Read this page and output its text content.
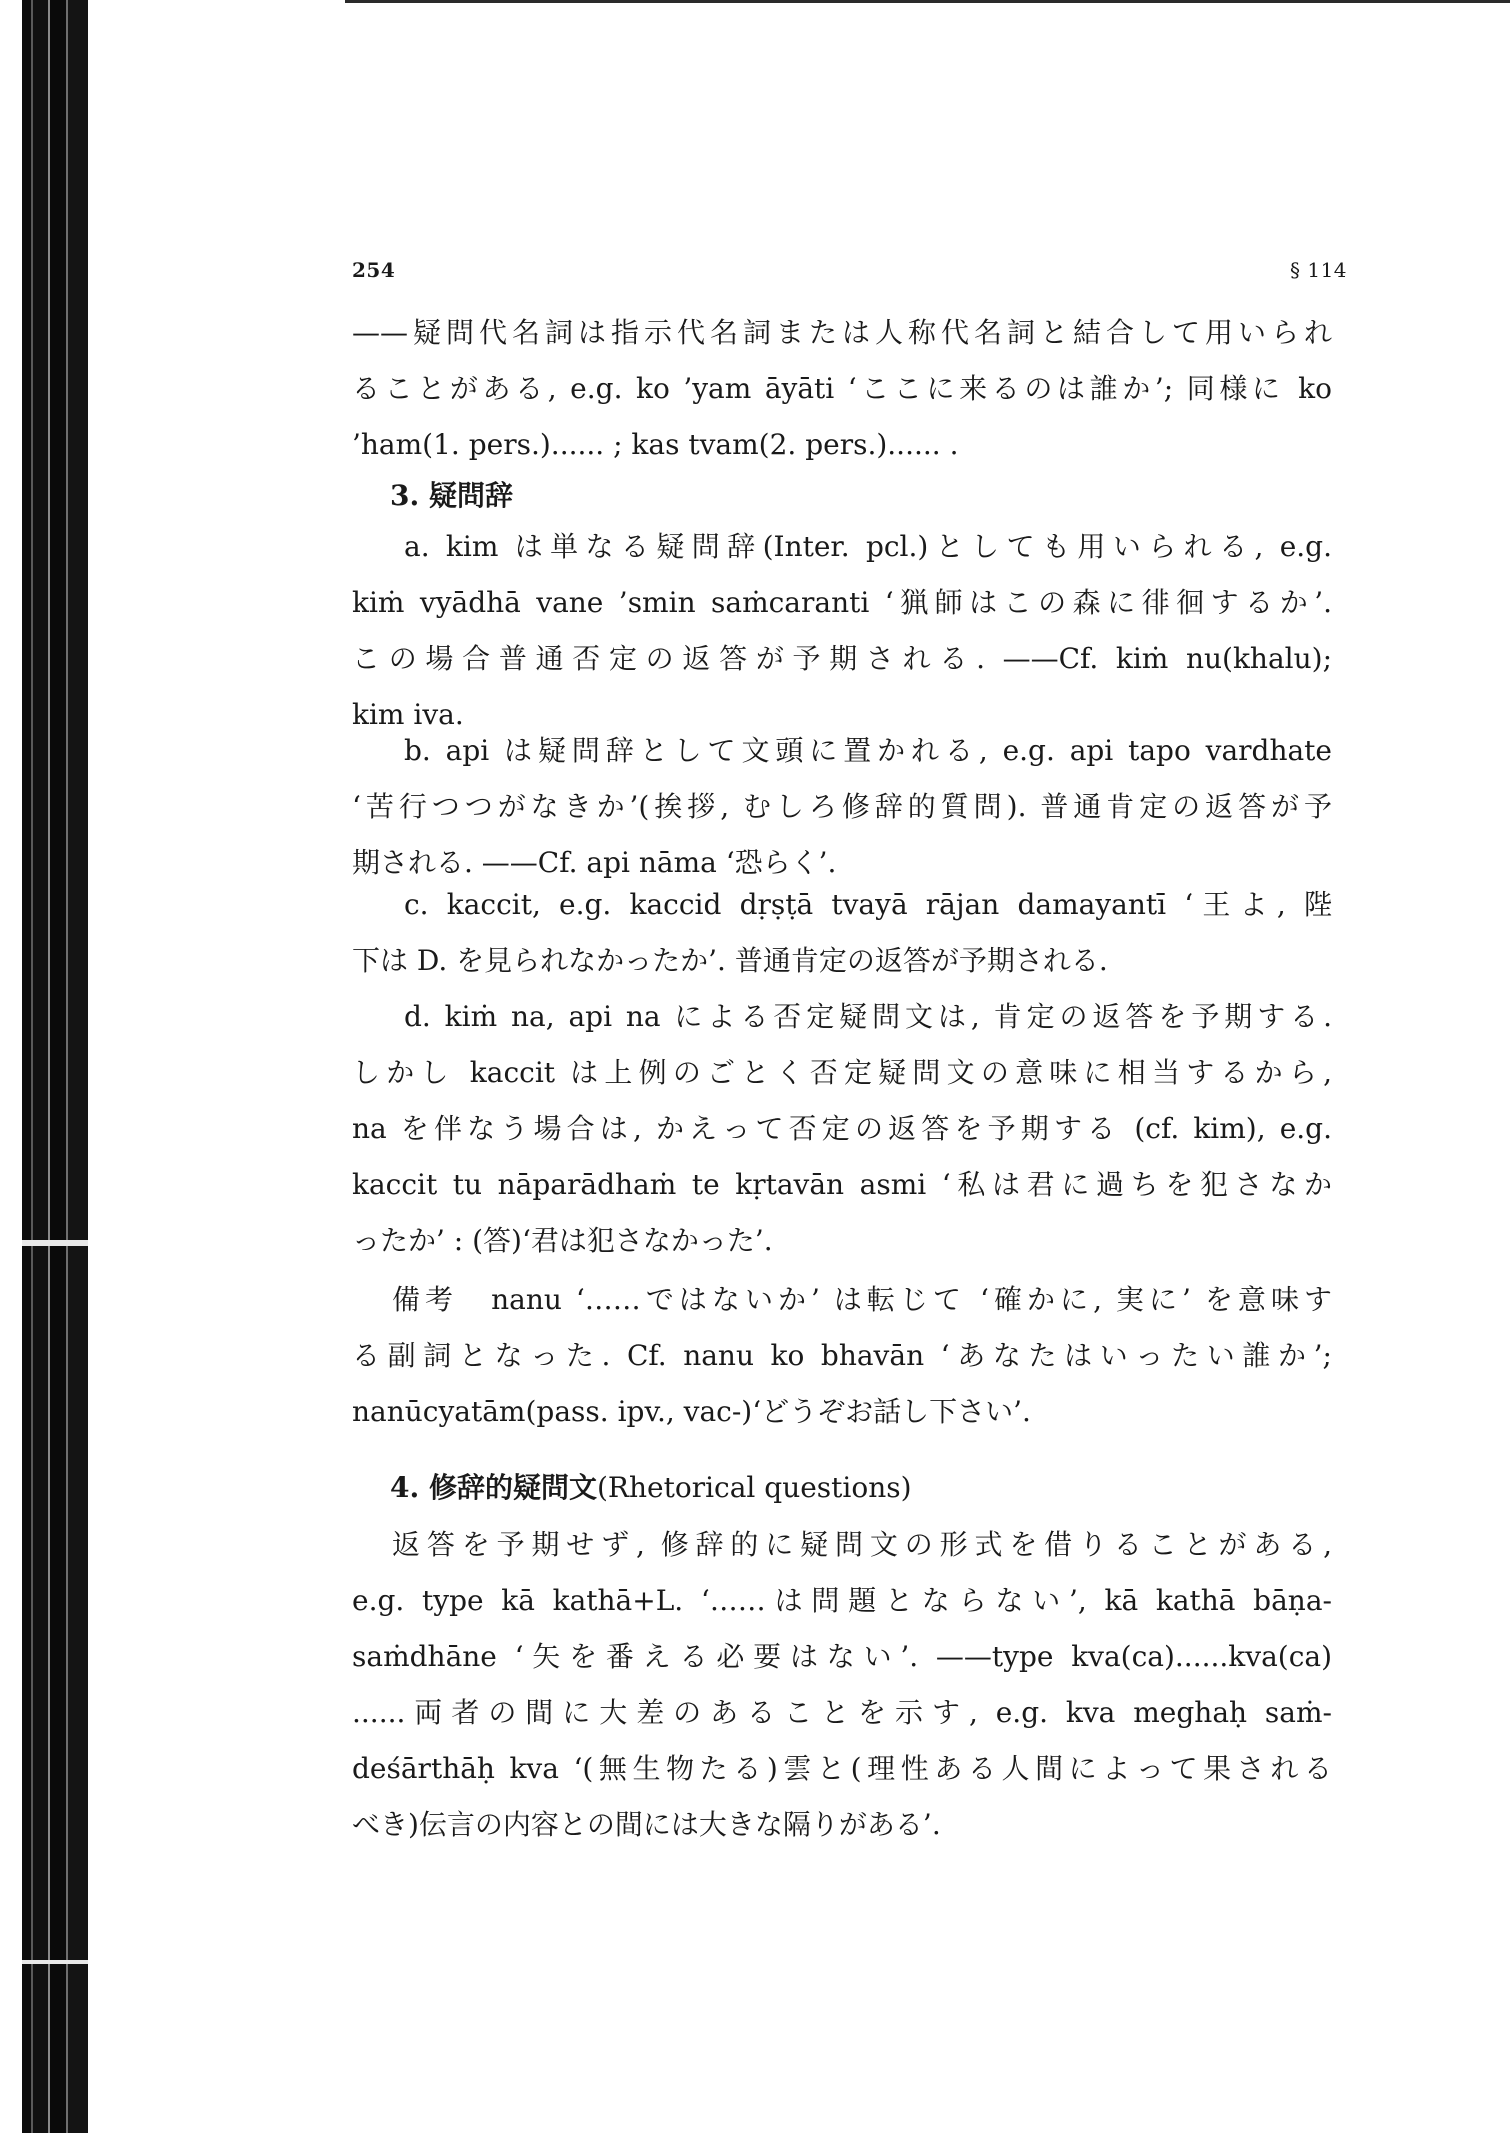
254	§ 114
——疑問代名詞は指示代名詞または人称代名詞と結合して用いられ
ることがある, e.g. ko ’yam āyāti ‘ここに来るのは誰か’; 同様に ko
’ham(1. pers.)...... ; kas tvam(2. pers.)...... .
3. 疑問辞
a. kim は単なる疑問辞(Inter. pcl.)としても用いられる, e.g.
kiṁ vyādhā vane ’smin saṁcaranti ‘猟師はこの森に徘徊するか’.
この場合普通否定の返答が予期される. ——Cf. kiṁ nu(khalu);
kim iva.
b. api は疑問辞として文頭に置かれる, e.g. api tapo vardhate
‘苦行つつがなきか’(挨拶, むしろ修辞的質問). 普通肯定の返答が予
期される. ——Cf. api nāma ‘恐らく’.
c. kaccit, e.g. kaccid dṛṣṭā tvayā rājan damayantī ‘王よ, 陛
下は D. を見られなかったか’. 普通肯定の返答が予期される.
d. kiṁ na, api na による否定疑問文は, 肯定の返答を予期する.
しかし kaccit は上例のごとく否定疑問文の意味に相当するから,
na を伴なう場合は, かえって否定の返答を予期する (cf. kim), e.g.
kaccit tu nāparādhaṁ te kṛtavān asmi ‘私は君に過ちを犯さなか
ったか’ : (答)‘君は犯さなかった’.
備考　nanu ‘……ではないか’ は転じて ‘確かに, 実に’ を意味す
る副詞となった. Cf. nanu ko bhavān ‘あなたはいったい誰か’;
nanūcyatām(pass. ipv., vac-)‘どうぞお話し下さい’.
4. 修辞的疑問文(Rhetorical questions)
返答を予期せず, 修辞的に疑問文の形式を借りることがある,
e.g. type kā kathā+L. ‘……は問題とならない’, kā kathā bāṇa-
saṁdhāne ‘矢を番える必要はない’. ——type kva(ca)......kva(ca)
......両者の間に大差のあることを示す, e.g. kva meghaḥ saṁ-
deśārthāḥ kva ‘(無生物たる)雲と(理性ある人間によって果される
べき)伝言の内容との間には大きな隔りがある’.
